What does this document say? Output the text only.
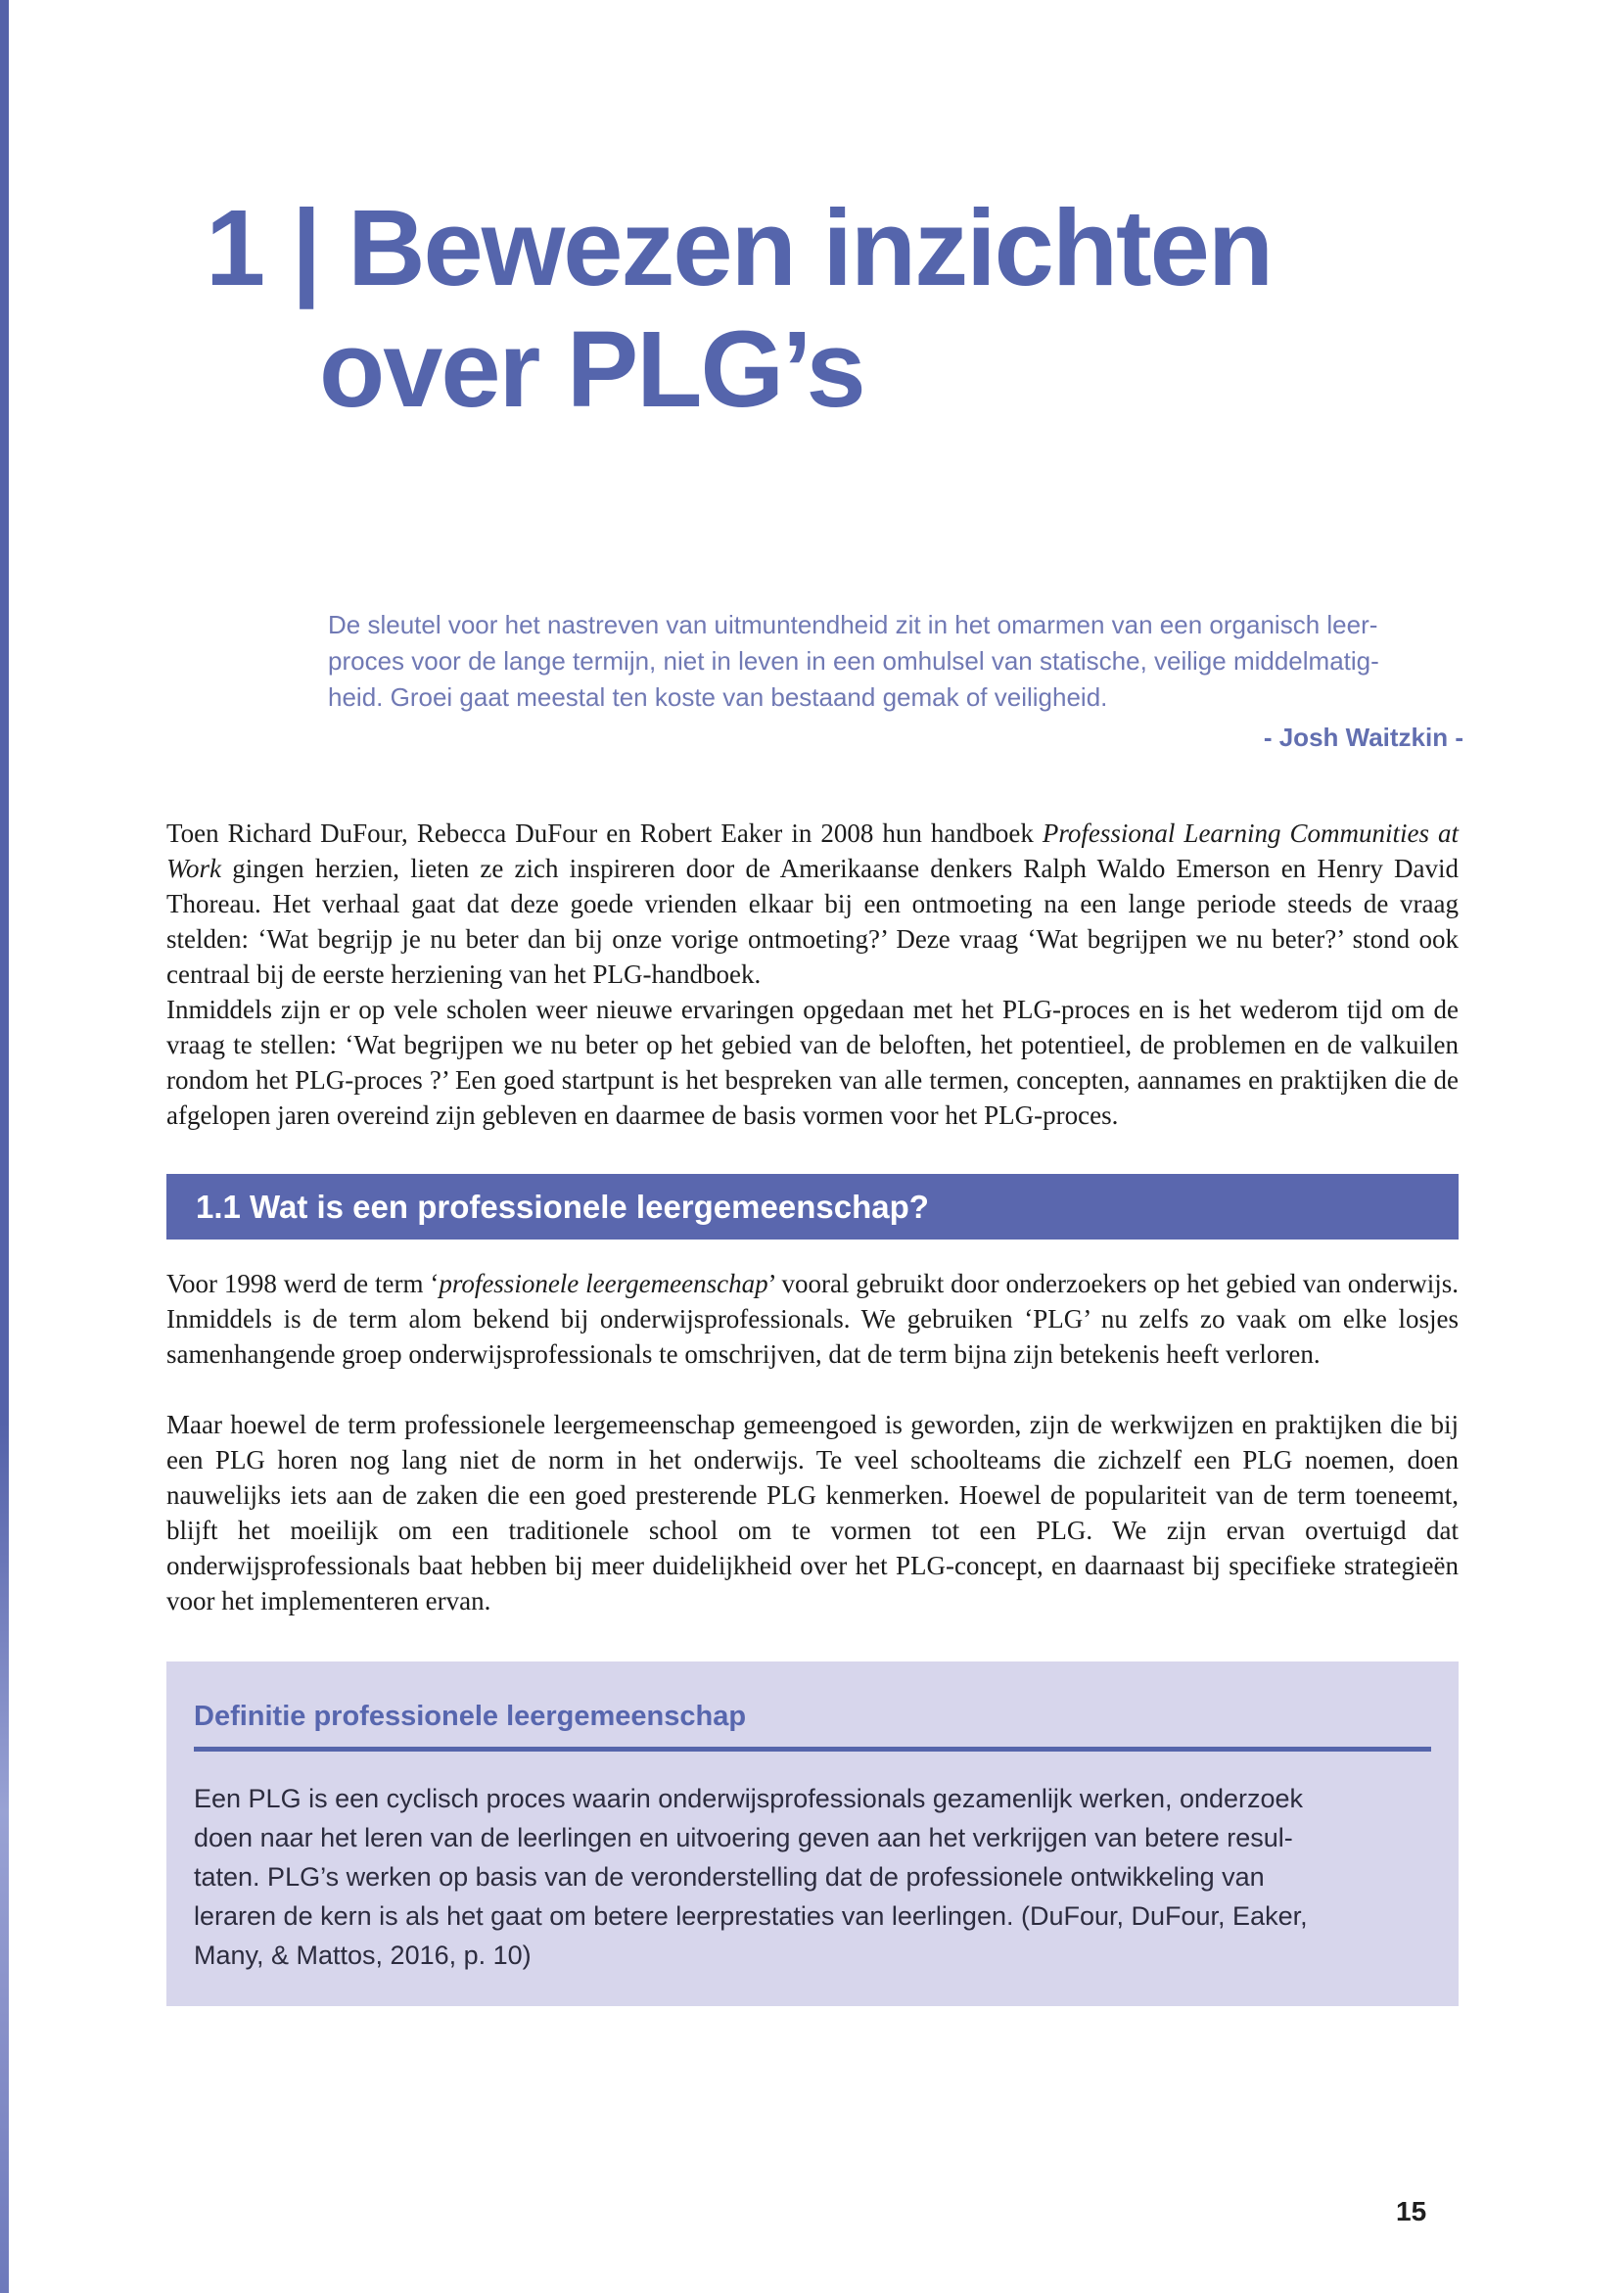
1 | Bewezen inzichten
over PLG’s
De sleutel voor het nastreven van uitmuntendheid zit in het omarmen van een organisch leer-
proces voor de lange termijn, niet in leven in een omhulsel van statische, veilige middelmatig-
heid. Groei gaat meestal ten koste van bestaand gemak of veiligheid.
- Josh Waitzkin -

Toen Richard DuFour, Rebecca DuFour en Robert Eaker in 2008 hun handboek Professional Learning Communities at Work gingen herzien, lieten ze zich inspireren door de Amerikaanse denkers Ralph Waldo Emerson en Henry David Thoreau. Het verhaal gaat dat deze goede vrienden elkaar bij een ontmoeting na een lange periode steeds de vraag stelden: ‘Wat begrijp je nu beter dan bij onze vorige ontmoeting?’ Deze vraag ‘Wat begrijpen we nu beter?’ stond ook centraal bij de eerste herziening van het PLG-handboek.

Inmiddels zijn er op vele scholen weer nieuwe ervaringen opgedaan met het PLG-proces en is het wederom tijd om de vraag te stellen: ‘Wat begrijpen we nu beter op het gebied van de beloften, het potentieel, de problemen en de valkuilen rondom het PLG-proces ?’ Een goed startpunt is het bespreken van alle termen, concepten, aannames en praktijken die de afgelopen jaren overeind zijn gebleven en daarmee de basis vormen voor het PLG-proces.

1.1 Wat is een professionele leergemeenschap?

Voor 1998 werd de term ‘professionele leergemeenschap’ vooral gebruikt door onderzoekers op het gebied van onderwijs. Inmiddels is de term alom bekend bij onderwijsprofessionals. We gebruiken ‘PLG’ nu zelfs zo vaak om elke losjes samenhangende groep onderwijsprofessionals te omschrijven, dat de term bijna zijn betekenis heeft verloren.

Maar hoewel de term professionele leergemeenschap gemeengoed is geworden, zijn de werkwijzen en praktijken die bij een PLG horen nog lang niet de norm in het onderwijs. Te veel schoolteams die zichzelf een PLG noemen, doen nauwelijks iets aan de zaken die een goed presterende PLG kenmerken. Hoewel de populariteit van de term toeneemt, blijft het moeilijk om een traditionele school om te vormen tot een PLG. We zijn ervan overtuigd dat onderwijsprofessionals baat hebben bij meer duidelijkheid over het PLG-concept, en daarnaast bij specifieke strategieën voor het implementeren ervan.

Definitie professionele leergemeenschap
Een PLG is een cyclisch proces waarin onderwijsprofessionals gezamenlijk werken, onderzoek
doen naar het leren van de leerlingen en uitvoering geven aan het verkrijgen van betere resul-
taten. PLG’s werken op basis van de veronderstelling dat de professionele ontwikkeling van
leraren de kern is als het gaat om betere leerprestaties van leerlingen. (DuFour, DuFour, Eaker,
Many, & Mattos, 2016, p. 10)
15
